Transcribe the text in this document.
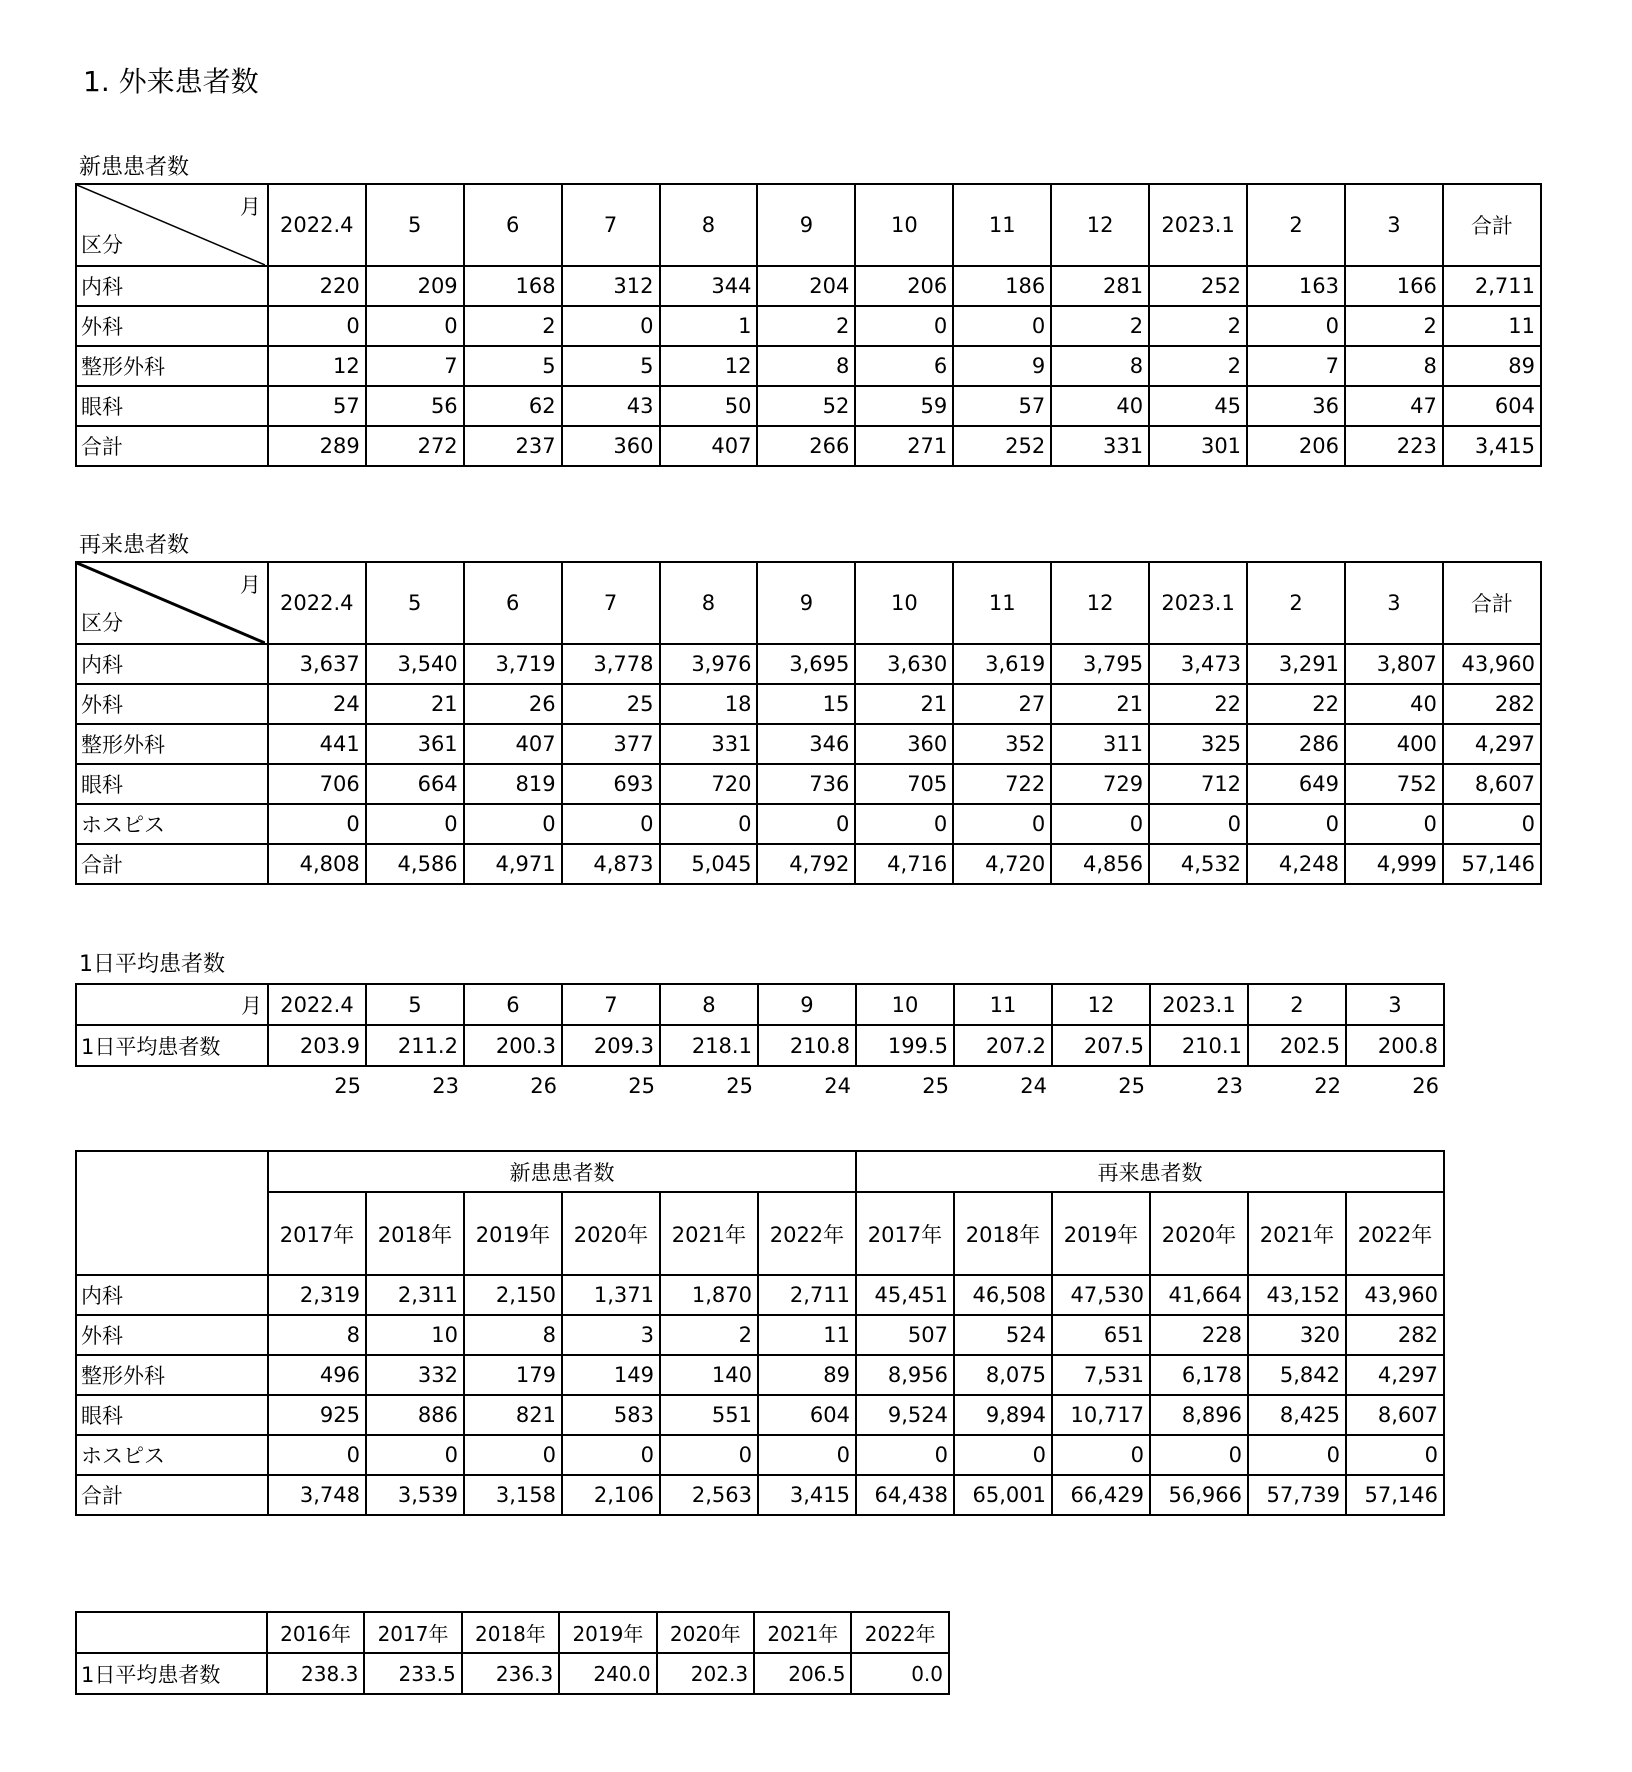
1. 外来患者数
新患患者数
月
区分	2022.4	5	6	7	8	9	10	11	12	2023.1	2	3	合計
内科	220	209	168	312	344	204	206	186	281	252	163	166	2,711
外科	0	0	2	0	1	2	0	0	2	2	0	2	11
整形外科	12	7	5	5	12	8	6	9	8	2	7	8	89
眼科	57	56	62	43	50	52	59	57	40	45	36	47	604
合計	289	272	237	360	407	266	271	252	331	301	206	223	3,415
再来患者数
月
区分	2022.4	5	6	7	8	9	10	11	12	2023.1	2	3	合計
内科	3,637	3,540	3,719	3,778	3,976	3,695	3,630	3,619	3,795	3,473	3,291	3,807	43,960
外科	24	21	26	25	18	15	21	27	21	22	22	40	282
整形外科	441	361	407	377	331	346	360	352	311	325	286	400	4,297
眼科	706	664	819	693	720	736	705	722	729	712	649	752	8,607
ホスピス	0	0	0	0	0	0	0	0	0	0	0	0	0
合計	4,808	4,586	4,971	4,873	5,045	4,792	4,716	4,720	4,856	4,532	4,248	4,999	57,146
1日平均患者数
月	2022.4	5	6	7	8	9	10	11	12	2023.1	2	3
1日平均患者数	203.9	211.2	200.3	209.3	218.1	210.8	199.5	207.2	207.5	210.1	202.5	200.8
	25	23	26	25	25	24	25	24	25	23	22	26
	新患患者数						再来患者数					
	2017年	2018年	2019年	2020年	2021年	2022年	2017年	2018年	2019年	2020年	2021年	2022年
内科	2,319	2,311	2,150	1,371	1,870	2,711	45,451	46,508	47,530	41,664	43,152	43,960
外科	8	10	8	3	2	11	507	524	651	228	320	282
整形外科	496	332	179	149	140	89	8,956	8,075	7,531	6,178	5,842	4,297
眼科	925	886	821	583	551	604	9,524	9,894	10,717	8,896	8,425	8,607
ホスピス	0	0	0	0	0	0	0	0	0	0	0	0
合計	3,748	3,539	3,158	2,106	2,563	3,415	64,438	65,001	66,429	56,966	57,739	57,146
	2016年	2017年	2018年	2019年	2020年	2021年	2022年
1日平均患者数	238.3	233.5	236.3	240.0	202.3	206.5	0.0
